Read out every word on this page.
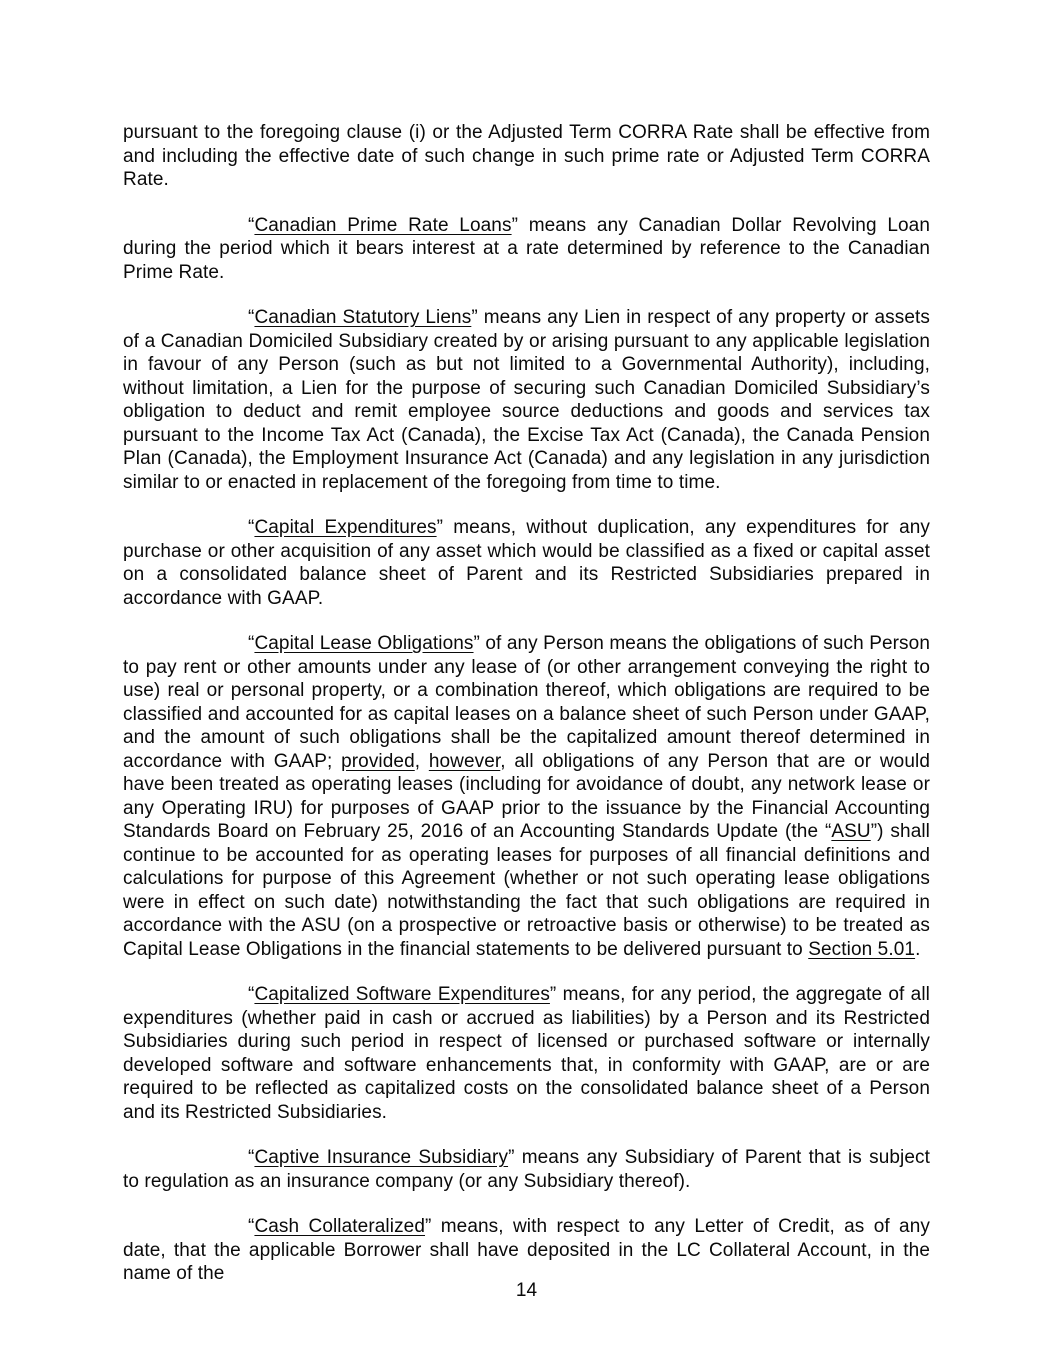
pursuant to the foregoing clause (i) or the Adjusted Term CORRA Rate shall be effective from and including the effective date of such change in such prime rate or Adjusted Term CORRA Rate.

“Canadian Prime Rate Loans” means any Canadian Dollar Revolving Loan during the period which it bears interest at a rate determined by reference to the Canadian Prime Rate.

“Canadian Statutory Liens” means any Lien in respect of any property or assets of a Canadian Domiciled Subsidiary created by or arising pursuant to any applicable legislation in favour of any Person (such as but not limited to a Governmental Authority), including, without limitation, a Lien for the purpose of securing such Canadian Domiciled Subsidiary’s obligation to deduct and remit employee source deductions and goods and services tax pursuant to the Income Tax Act (Canada), the Excise Tax Act (Canada), the Canada Pension Plan (Canada), the Employment Insurance Act (Canada) and any legislation in any jurisdiction similar to or enacted in replacement of the foregoing from time to time.

“Capital Expenditures” means, without duplication, any expenditures for any purchase or other acquisition of any asset which would be classified as a fixed or capital asset on a consolidated balance sheet of Parent and its Restricted Subsidiaries prepared in accordance with GAAP.

“Capital Lease Obligations” of any Person means the obligations of such Person to pay rent or other amounts under any lease of (or other arrangement conveying the right to use) real or personal property, or a combination thereof, which obligations are required to be classified and accounted for as capital leases on a balance sheet of such Person under GAAP, and the amount of such obligations shall be the capitalized amount thereof determined in accordance with GAAP; provided, however, all obligations of any Person that are or would have been treated as operating leases (including for avoidance of doubt, any network lease or any Operating IRU) for purposes of GAAP prior to the issuance by the Financial Accounting Standards Board on February 25, 2016 of an Accounting Standards Update (the “ASU”) shall continue to be accounted for as operating leases for purposes of all financial definitions and calculations for purpose of this Agreement (whether or not such operating lease obligations were in effect on such date) notwithstanding the fact that such obligations are required in accordance with the ASU (on a prospective or retroactive basis or otherwise) to be treated as Capital Lease Obligations in the financial statements to be delivered pursuant to Section 5.01.

“Capitalized Software Expenditures” means, for any period, the aggregate of all expenditures (whether paid in cash or accrued as liabilities) by a Person and its Restricted Subsidiaries during such period in respect of licensed or purchased software or internally developed software and software enhancements that, in conformity with GAAP, are or are required to be reflected as capitalized costs on the consolidated balance sheet of a Person and its Restricted Subsidiaries.

“Captive Insurance Subsidiary” means any Subsidiary of Parent that is subject to regulation as an insurance company (or any Subsidiary thereof).

“Cash Collateralized” means, with respect to any Letter of Credit, as of any date, that the applicable Borrower shall have deposited in the LC Collateral Account, in the name of the

14
